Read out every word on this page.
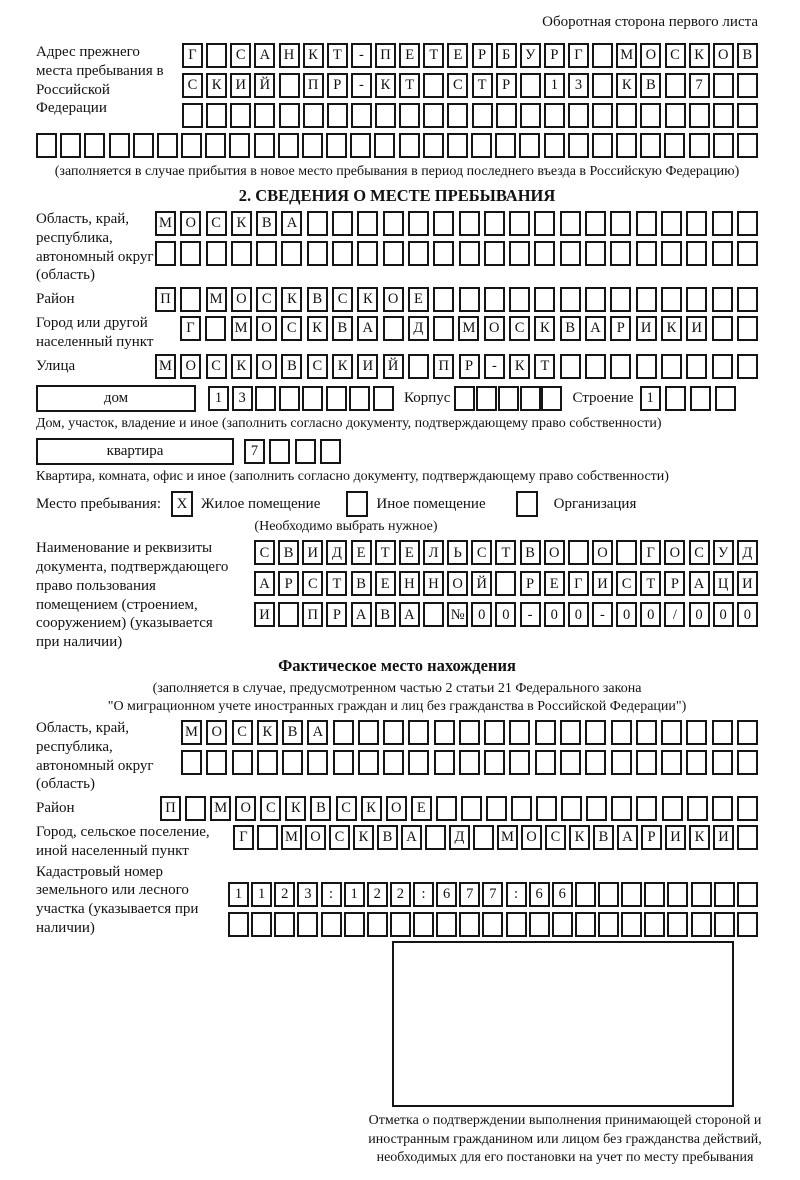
Оборотная сторона первого листа
Адрес прежнего места пребывания в Российской Федерации
Г	С А Н К	Т	-	П Е	Т	Е	Р	Б	У	Р	Г	М О С К О В
С К И Й	П	Р	-	К	Т	С	Т	Р	1	3	К В	7
(заполняется в случае прибытия в новое место пребывания в период последнего въезда в Российскую Федерацию)
2. СВЕДЕНИЯ О МЕСТЕ ПРЕБЫВАНИЯ
Область, край, республика, автономный округ (область)
М О	С	К	В	А
Район	П	М О	С	К	В	С	К	О	Е
Город или другой населенный пункт
Г	М О	С	К	В	А	Д	М О	С	К	В	А	Р	И	К	И
Улица	М О	С	К	О	В	С	К	И	Й	П	Р	-	К	Т
дом	1	3	Корпус	Строение 1
Дом, участок, владение и иное (заполнить согласно документу, подтверждающему право собственности)
квартира	7
Квартира, комната, офис и иное (заполнить согласно документу, подтверждающему право собственности)
Место пребывания:	X Жилое помещение	Иное помещение	Организация
(Необходимо выбрать нужное)
Наименование и реквизиты документа, подтверждающего право пользования помещением (строением, сооружением) (указывается при наличии)
С В И Д	Е	Т	Е	Л	Ь	С	Т	В О	О	Г	О С У Д
А	Р	С	Т	В	Е Н Н О Й	Р	Е	Г	И С	Т	Р	А Ц И
И	П	Р	А В А	№ 0	0	-	0	0	-	0	0	/	0	0	0
Фактическое место нахождения
(заполняется в случае, предусмотренном частью 2 статьи 21 Федерального закона
"О миграционном учете иностранных граждан и лиц без гражданства в Российской Федерации")
Область, край, республика, автономный округ (область)
М О	С	К	В	А
Район	П	М О	С	К	В	С	К	О	Е
Город, сельское поселение, иной населенный пункт
Г	М О С К В А	Д	М О С К В А	Р	И К И
Кадастровый номер земельного или лесного участка (указывается при наличии)
1	1	2	3	:	1	2	2	:	6	7	7	:	6	6
Отметка о подтверждении выполнения принимающей стороной и иностранным гражданином или лицом без гражданства действий, необходимых для его постановки на учет по месту пребывания
